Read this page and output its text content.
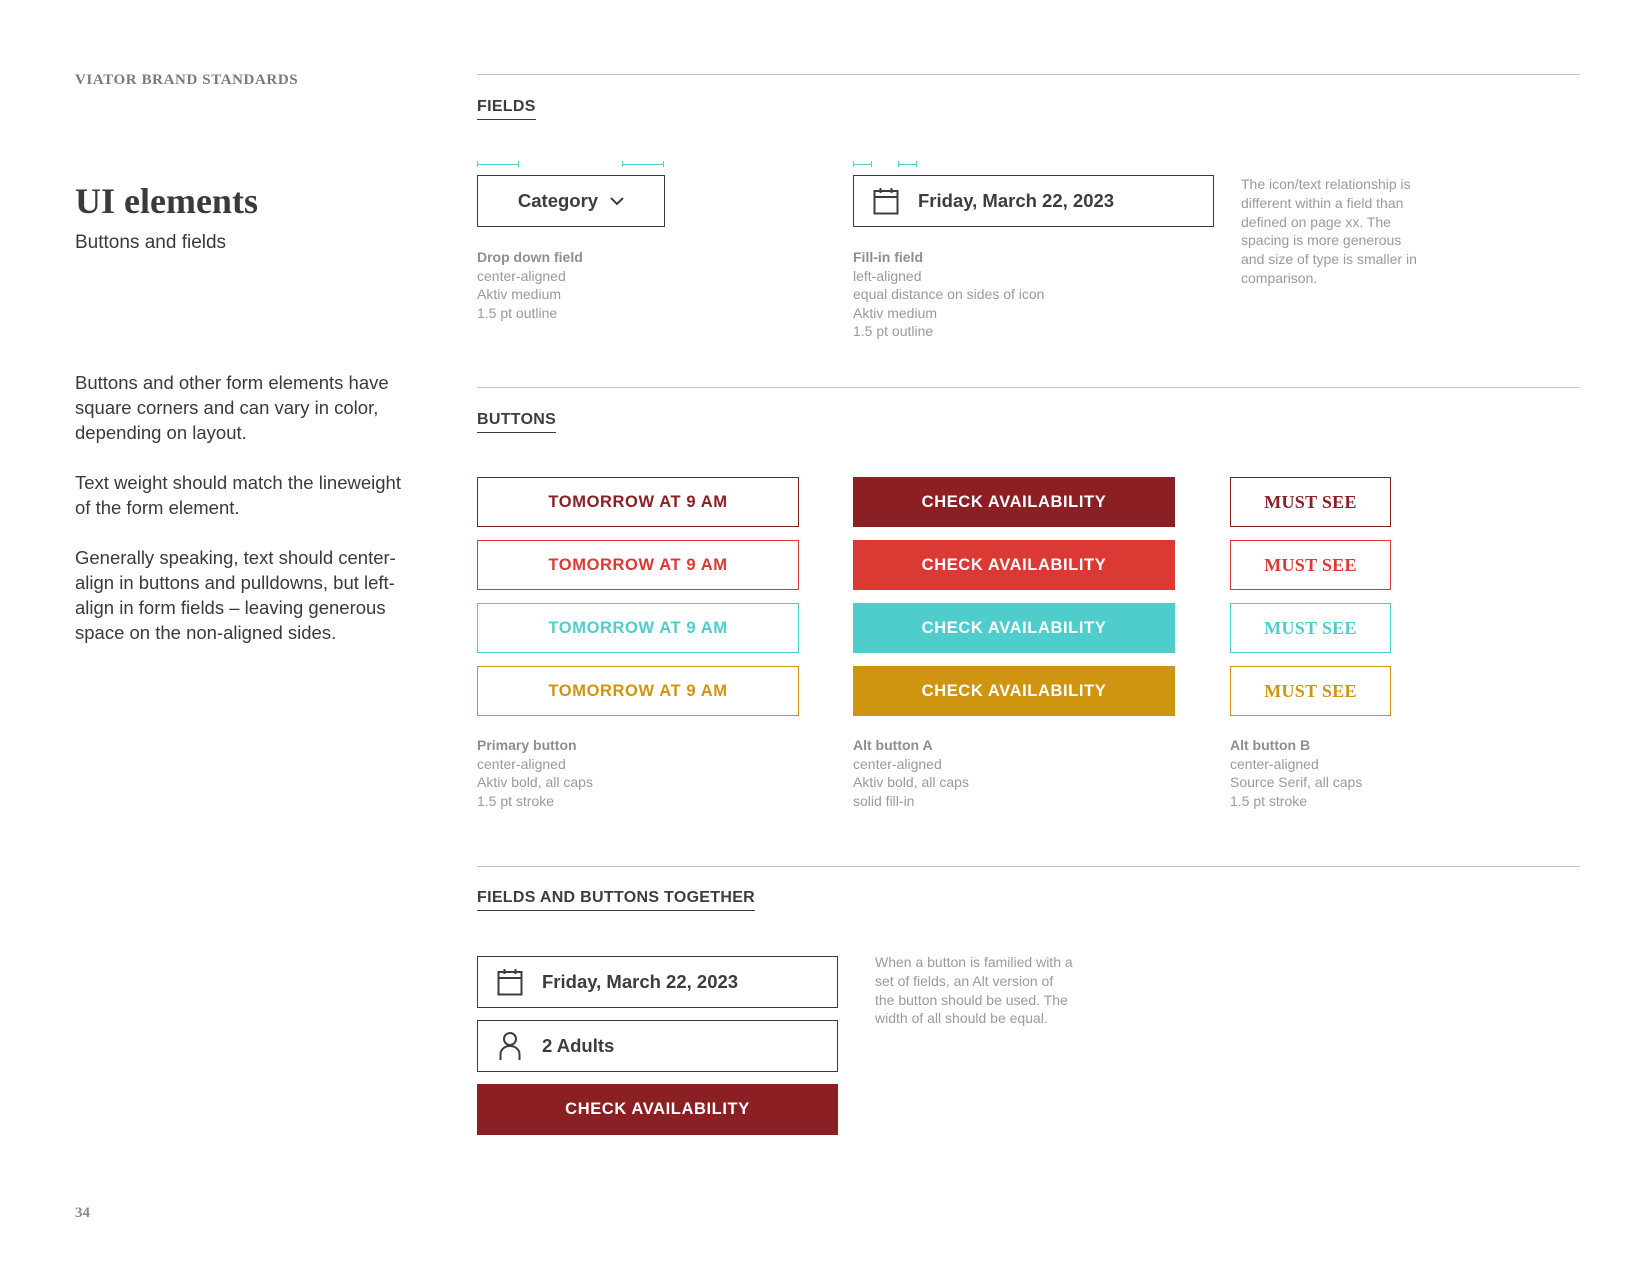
VIATOR BRAND STANDARDS
UI elements
Buttons and fields
Buttons and other form elements have square corners and can vary in color, depending on layout.
Text weight should match the lineweight of the form element.
Generally speaking, text should center-align in buttons and pulldowns, but left-align in form fields – leaving generous space on the non-aligned sides.
FIELDS
Category
Drop down field
center-aligned
Aktiv medium
1.5 pt outline
Friday, March 22, 2023
Fill-in field
left-aligned
equal distance on sides of icon
Aktiv medium
1.5 pt outline
The icon/text relationship is different within a field than defined on page xx. The spacing is more generous and size of type is smaller in comparison.
BUTTONS
TOMORROW AT 9 AM
TOMORROW AT 9 AM
TOMORROW AT 9 AM
TOMORROW AT 9 AM
CHECK AVAILABILITY
CHECK AVAILABILITY
CHECK AVAILABILITY
CHECK AVAILABILITY
MUST SEE
MUST SEE
MUST SEE
MUST SEE
Primary button
center-aligned
Aktiv bold, all caps
1.5 pt stroke
Alt button A
center-aligned
Aktiv bold, all caps
solid fill-in
Alt button B
center-aligned
Source Serif, all caps
1.5 pt stroke
FIELDS AND BUTTONS TOGETHER
Friday, March 22, 2023
2 Adults
CHECK AVAILABILITY
When a button is familied with a set of fields, an Alt version of the button should be used. The width of all should be equal.
34
